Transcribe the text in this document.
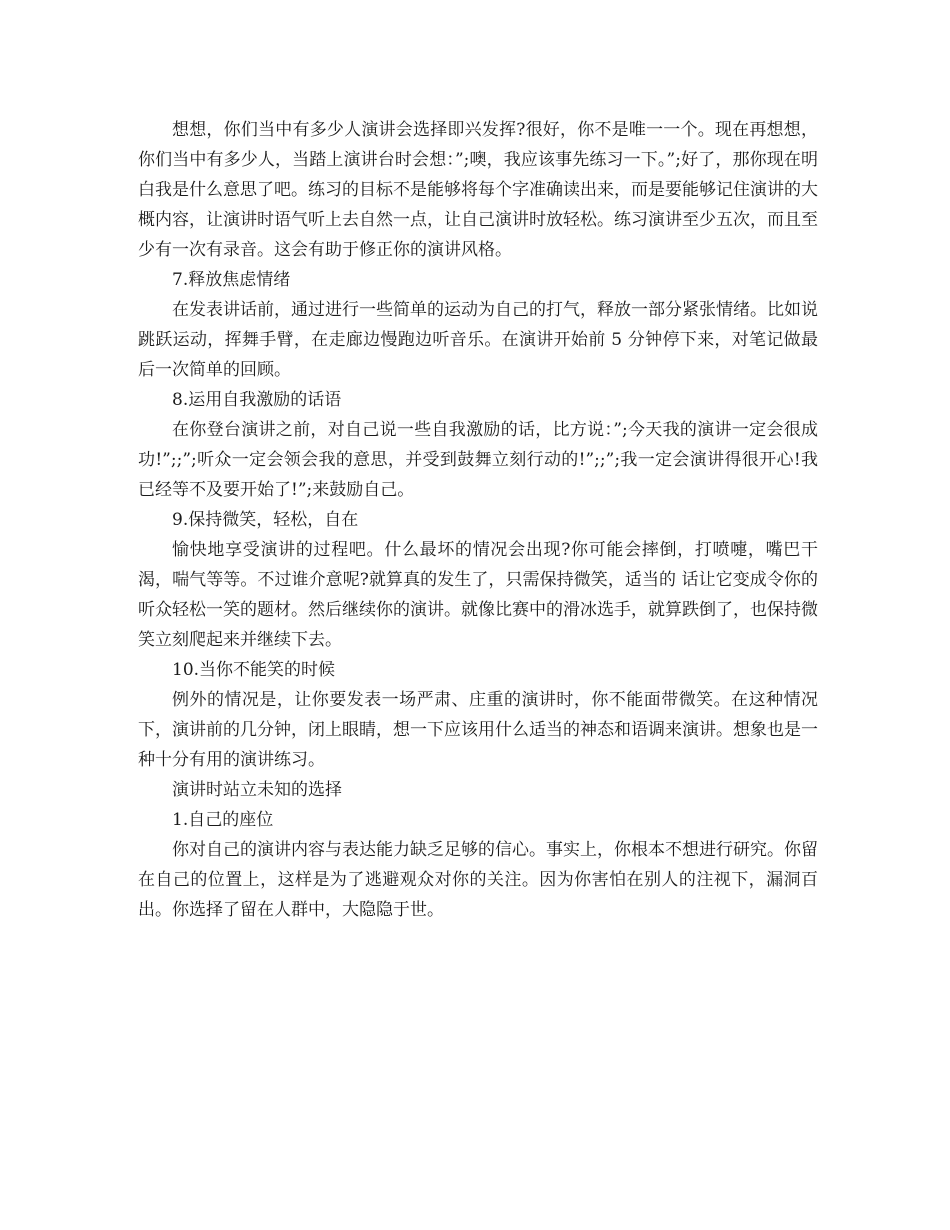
想想，你们当中有多少人演讲会选择即兴发挥?很好，你不是唯一一个。现在再想想，你们当中有多少人，当踏上演讲台时会想：”;噢，我应该事先练习一下。”;好了，那你现在明白我是什么意思了吧。练习的目标不是能够将每个字准确读出来，而是要能够记住演讲的大概内容，让演讲时语气听上去自然一点，让自己演讲时放轻松。练习演讲至少五次，而且至少有一次有录音。这会有助于修正你的演讲风格。

7.释放焦虑情绪

在发表讲话前，通过进行一些简单的运动为自己的打气，释放一部分紧张情绪。比如说跳跃运动，挥舞手臂，在走廊边慢跑边听音乐。在演讲开始前 5 分钟停下来，对笔记做最后一次简单的回顾。

8.运用自我激励的话语

在你登台演讲之前，对自己说一些自我激励的话，比方说：”;今天我的演讲一定会很成功!”;;”;听众一定会领会我的意思，并受到鼓舞立刻行动的!”;;”;我一定会演讲得很开心!我已经等不及要开始了!”;来鼓励自己。

9.保持微笑，轻松，自在

愉快地享受演讲的过程吧。什么最坏的情况会出现?你可能会摔倒，打喷嚏，嘴巴干渴，喘气等等。不过谁介意呢?就算真的发生了，只需保持微笑，适当的 话让它变成令你的听众轻松一笑的题材。然后继续你的演讲。就像比赛中的滑冰选手，就算跌倒了，也保持微笑立刻爬起来并继续下去。

10.当你不能笑的时候

例外的情况是，让你要发表一场严肃、庄重的演讲时，你不能面带微笑。在这种情况下，演讲前的几分钟，闭上眼睛，想一下应该用什么适当的神态和语调来演讲。想象也是一种十分有用的演讲练习。

演讲时站立未知的选择

1.自己的座位

你对自己的演讲内容与表达能力缺乏足够的信心。事实上，你根本不想进行研究。你留在自己的位置上，这样是为了逃避观众对你的关注。因为你害怕在别人的注视下，漏洞百出。你选择了留在人群中，大隐隐于世。
